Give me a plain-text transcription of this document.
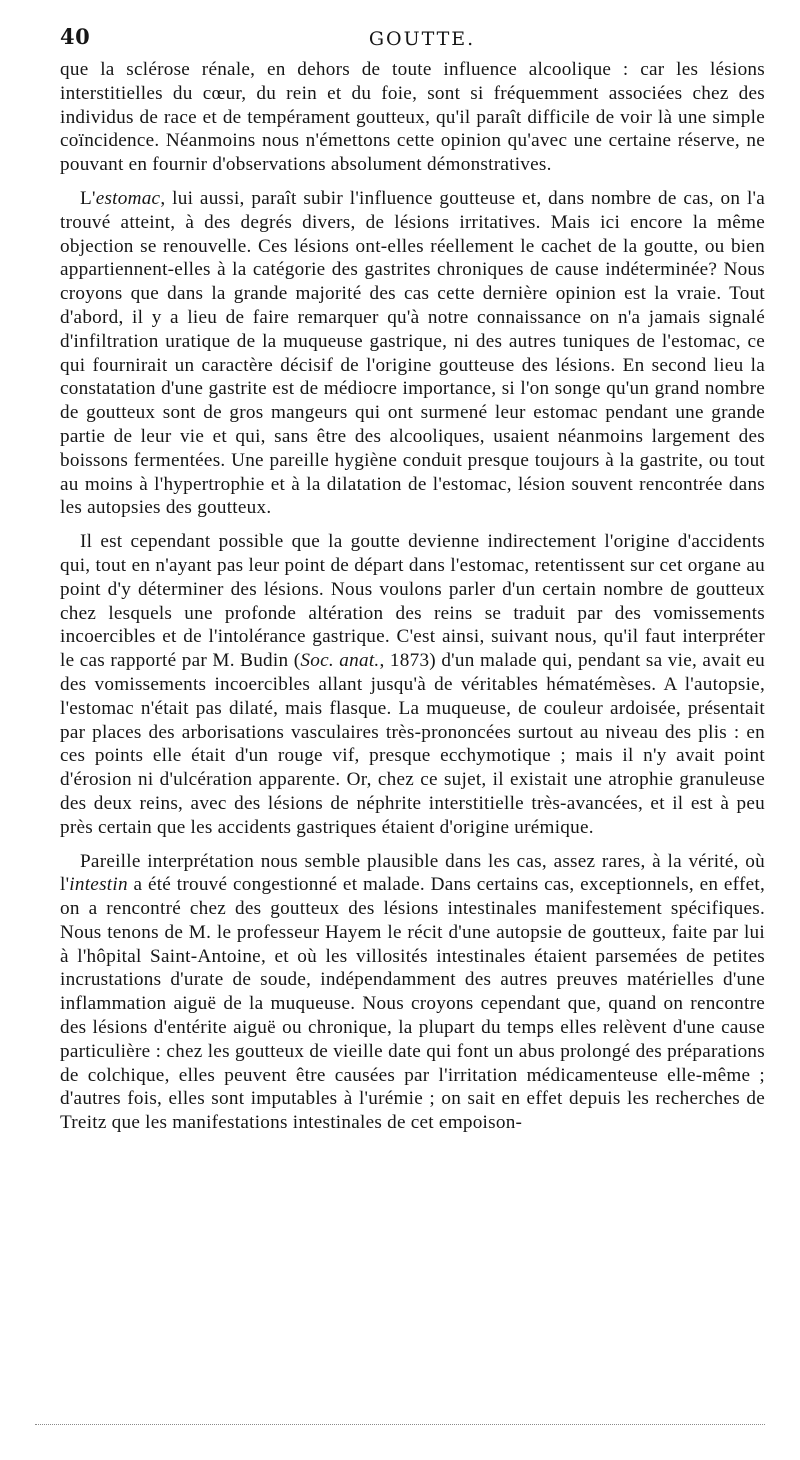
40	GOUTTE.

que la sclérose rénale, en dehors de toute influence alcoolique : car les lésions interstitielles du cœur, du rein et du foie, sont si fréquemment associées chez des individus de race et de tempérament goutteux, qu'il paraît difficile de voir là une simple coïncidence. Néanmoins nous n'émettons cette opinion qu'avec une certaine réserve, ne pouvant en fournir d'observations absolument démonstratives.

L'estomac, lui aussi, paraît subir l'influence goutteuse et, dans nombre de cas, on l'a trouvé atteint, à des degrés divers, de lésions irritatives. Mais ici encore la même objection se renouvelle. Ces lésions ont-elles réellement le cachet de la goutte, ou bien appartiennent-elles à la catégorie des gastrites chroniques de cause indéterminée? Nous croyons que dans la grande majorité des cas cette dernière opinion est la vraie. Tout d'abord, il y a lieu de faire remarquer qu'à notre connaissance on n'a jamais signalé d'infiltration uratique de la muqueuse gastrique, ni des autres tuniques de l'estomac, ce qui fournirait un caractère décisif de l'origine goutteuse des lésions. En second lieu la constatation d'une gastrite est de médiocre importance, si l'on songe qu'un grand nombre de goutteux sont de gros mangeurs qui ont surmené leur estomac pendant une grande partie de leur vie et qui, sans être des alcooliques, usaient néanmoins largement des boissons fermentées. Une pareille hygiène conduit presque toujours à la gastrite, ou tout au moins à l'hypertrophie et à la dilatation de l'estomac, lésion souvent rencontrée dans les autopsies des goutteux.

Il est cependant possible que la goutte devienne indirectement l'origine d'accidents qui, tout en n'ayant pas leur point de départ dans l'estomac, retentissent sur cet organe au point d'y déterminer des lésions. Nous voulons parler d'un certain nombre de goutteux chez lesquels une profonde altération des reins se traduit par des vomissements incoercibles et de l'intolérance gastrique. C'est ainsi, suivant nous, qu'il faut interpréter le cas rapporté par M. Budin (Soc. anat., 1873) d'un malade qui, pendant sa vie, avait eu des vomissements incoercibles allant jusqu'à de véritables hématémèses. A l'autopsie, l'estomac n'était pas dilaté, mais flasque. La muqueuse, de couleur ardoisée, présentait par places des arborisations vasculaires très-prononcées surtout au niveau des plis : en ces points elle était d'un rouge vif, presque ecchymotique ; mais il n'y avait point d'érosion ni d'ulcération apparente. Or, chez ce sujet, il existait une atrophie granuleuse des deux reins, avec des lésions de néphrite interstitielle très-avancées, et il est à peu près certain que les accidents gastriques étaient d'origine urémique.

Pareille interprétation nous semble plausible dans les cas, assez rares, à la vérité, où l'intestin a été trouvé congestionné et malade. Dans certains cas, exceptionnels, en effet, on a rencontré chez des goutteux des lésions intestinales manifestement spécifiques. Nous tenons de M. le professeur Hayem le récit d'une autopsie de goutteux, faite par lui à l'hôpital Saint-Antoine, et où les villosités intestinales étaient parsemées de petites incrustations d'urate de soude, indépendamment des autres preuves matérielles d'une inflammation aiguë de la muqueuse. Nous croyons cependant que, quand on rencontre des lésions d'entérite aiguë ou chronique, la plupart du temps elles relèvent d'une cause particulière : chez les goutteux de vieille date qui font un abus prolongé des préparations de colchique, elles peuvent être causées par l'irritation médicamenteuse elle-même ; d'autres fois, elles sont imputables à l'urémie ; on sait en effet depuis les recherches de Treitz que les manifestations intestinales de cet empoison-
